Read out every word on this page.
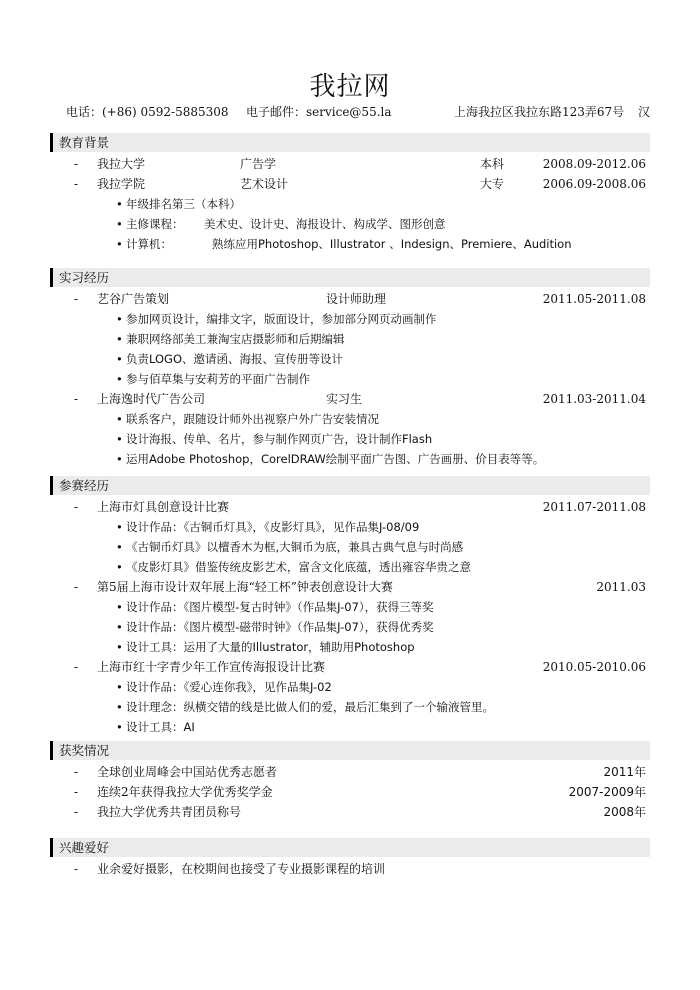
我拉网
电话：(+86) 0592-5885308 电子邮件：service@55.la	上海我拉区我拉东路123弄67号 汉
教育背景
- 我拉大学	广告学	本科	2008.09-2012.06
- 我拉学院	艺术设计	大专	2006.09-2008.06
• 年级排名第三（本科）
• 主修课程： 美术史、设计史、海报设计、构成学、图形创意
• 计算机：	熟练应用Photoshop、Illustrator 、Indesign、Premiere、Audition
实习经历
- 艺谷广告策划	设计师助理	2011.05-2011.08
• 参加网页设计，编排文字，版面设计，参加部分网页动画制作
• 兼职网络部美工兼淘宝店摄影师和后期编辑
• 负责LOGO、邀请函、海报、宣传册等设计
• 参与佰草集与安莉芳的平面广告制作
- 上海逸时代广告公司	实习生	2011.03-2011.04
• 联系客户，跟随设计师外出视察户外广告安装情况
• 设计海报、传单、名片，参与制作网页广告，设计制作Flash
• 运用Adobe Photoshop，CorelDRAW绘制平面广告图、广告画册、价目表等等。
参赛经历
- 上海市灯具创意设计比赛	2011.07-2011.08
• 设计作品：《古铜币灯具》，《皮影灯具》，见作品集J-08/09
• 《古铜币灯具》以檀香木为框,大铜币为底，兼具古典气息与时尚感
• 《皮影灯具》借鉴传统皮影艺术，富含文化底蕴，透出雍容华贵之意
- 第5届上海市设计双年展上海“轻工杯”钟表创意设计大赛	2011.03
• 设计作品：《图片模型-复古时钟》（作品集J-07），获得三等奖
• 设计作品：《图片模型-磁带时钟》（作品集J-07），获得优秀奖
• 设计工具：运用了大量的Illustrator，辅助用Photoshop
- 上海市红十字青少年工作宣传海报设计比赛	2010.05-2010.06
• 设计作品：《爱心连你我》，见作品集J-02
• 设计理念：纵横交错的线是比做人们的爱，最后汇集到了一个输液管里。
• 设计工具：AI
获奖情况
- 全球创业周峰会中国站优秀志愿者	2011年
- 连续2年获得我拉大学优秀奖学金	2007-2009年
- 我拉大学优秀共青团员称号	2008年
兴趣爱好
- 业余爱好摄影，在校期间也接受了专业摄影课程的培训
